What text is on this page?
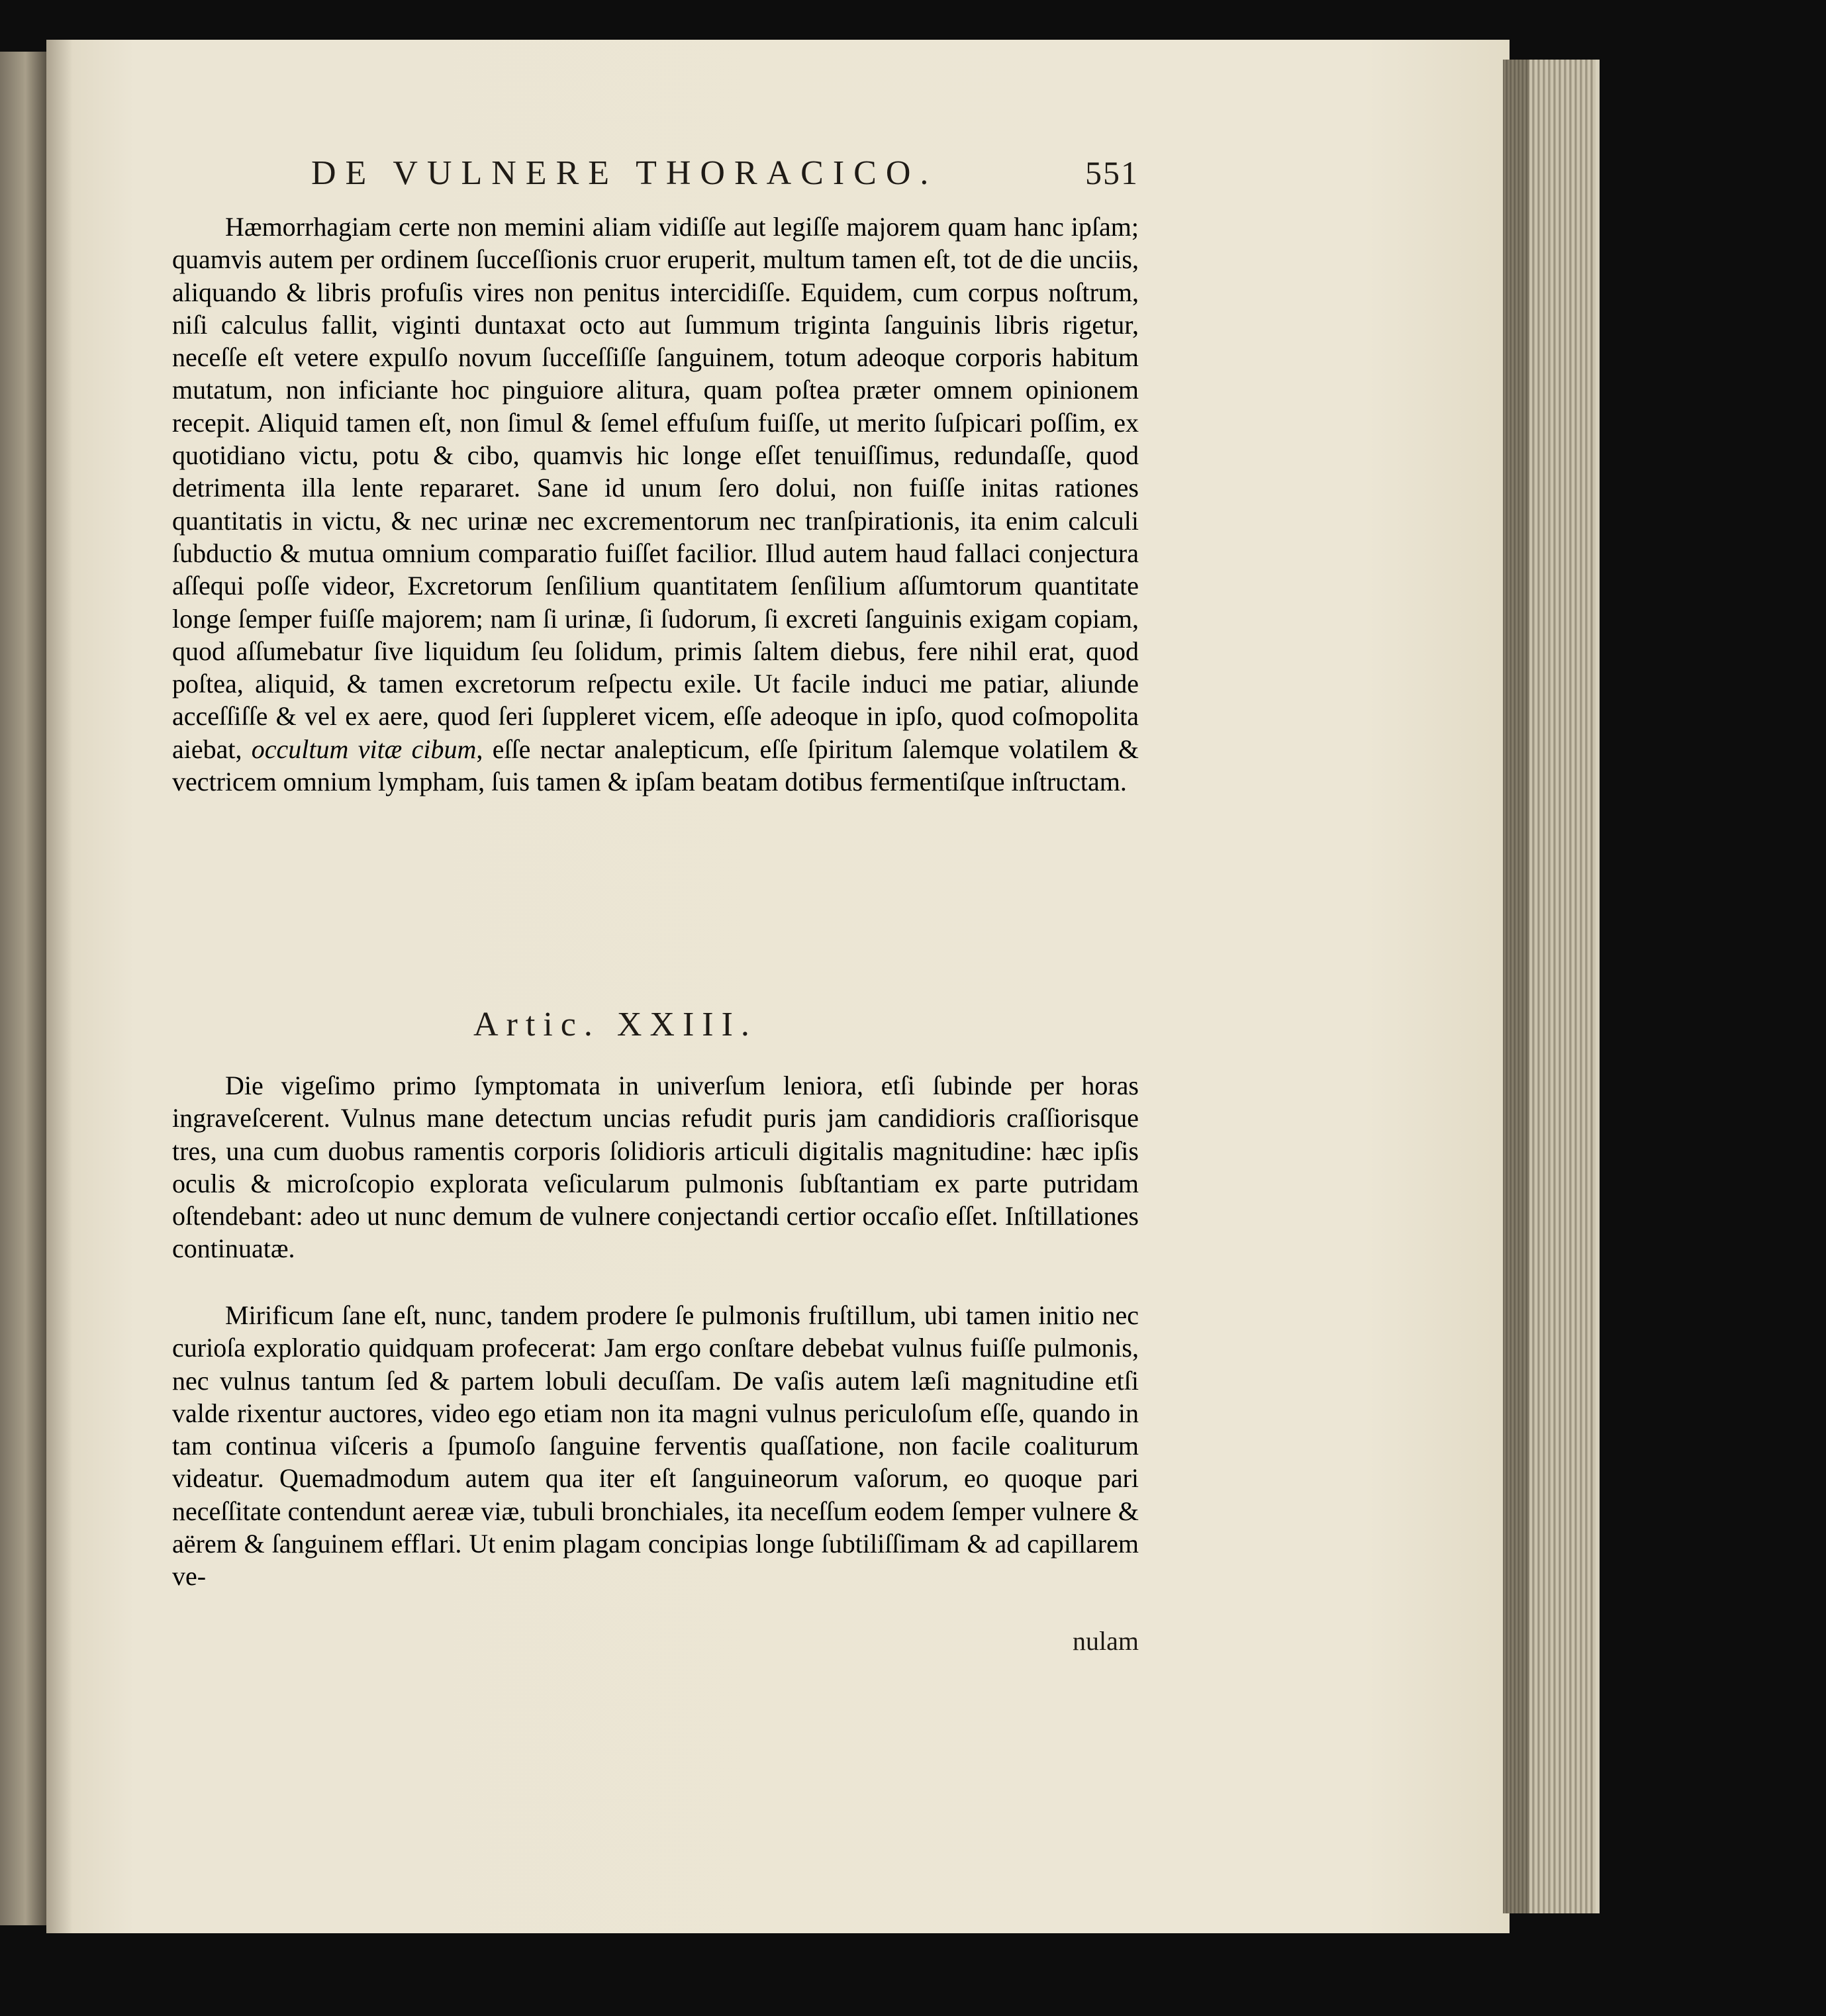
DE VULNERE THORACICO.	551

Hæmorrhagiam certe non memini aliam vidiſſe aut legiſſe majorem quam hanc ipſam; quamvis autem per ordinem ſucceſſionis cruor eruperit, multum tamen eſt, tot de die unciis, aliquando & libris profuſis vires non penitus intercidiſſe. Equidem, cum corpus noſtrum, niſi calculus fallit, viginti duntaxat octo aut ſummum triginta ſanguinis libris rigetur, neceſſe eſt vetere expulſo novum ſucceſſiſſe ſanguinem, totum adeoque corporis habitum mutatum, non inficiante hoc pinguiore alitura, quam poſtea præter omnem opinionem recepit. Aliquid tamen eſt, non ſimul & ſemel effuſum fuiſſe, ut merito ſuſpicari poſſim, ex quotidiano victu, potu & cibo, quamvis hic longe eſſet tenuiſſimus, redundaſſe, quod detrimenta illa lente repararet. Sane id unum ſero dolui, non fuiſſe initas rationes quantitatis in victu, & nec urinæ nec excrementorum nec tranſpirationis, ita enim calculi ſubductio & mutua omnium comparatio fuiſſet facilior. Illud autem haud fallaci conjectura aſſequi poſſe videor, Excretorum ſenſilium quantitatem ſenſilium aſſumtorum quantitate longe ſemper fuiſſe majorem; nam ſi urinæ, ſi ſudorum, ſi excreti ſanguinis exigam copiam, quod aſſumebatur ſive liquidum ſeu ſolidum, primis ſaltem diebus, fere nihil erat, quod poſtea, aliquid, & tamen excretorum reſpectu exile. Ut facile induci me patiar, aliunde acceſſiſſe & vel ex aere, quod ſeri ſuppleret vicem, eſſe adeoque in ipſo, quod coſmopolita aiebat, occultum vitæ cibum, eſſe nectar analepticum, eſſe ſpiritum ſalemque volatilem & vectricem omnium lympham, ſuis tamen & ipſam beatam dotibus fermentiſque inſtructam.

Artic. XXIII.

Die vigeſimo primo ſymptomata in univerſum leniora, etſi ſubinde per horas ingraveſcerent. Vulnus mane detectum uncias refudit puris jam candidioris craſſiorisque tres, una cum duobus ramentis corporis ſolidioris articuli digitalis magnitudine: hæc ipſis oculis & microſcopio explorata veſicularum pulmonis ſubſtantiam ex parte putridam oſtendebant: adeo ut nunc demum de vulnere conjectandi certior occaſio eſſet. Inſtillationes continuatæ.

Mirificum ſane eſt, nunc, tandem prodere ſe pulmonis fruſtillum, ubi tamen initio nec curioſa exploratio quidquam profecerat: Jam ergo conſtare debebat vulnus fuiſſe pulmonis, nec vulnus tantum ſed & partem lobuli decuſſam. De vaſis autem læſi magnitudine etſi valde rixentur auctores, video ego etiam non ita magni vulnus periculoſum eſſe, quando in tam continua viſceris a ſpumoſo ſanguine ferventis quaſſatione, non facile coaliturum videatur. Quemadmodum autem qua iter eſt ſanguineorum vaſorum, eo quoque pari neceſſitate contendunt aereæ viæ, tubuli bronchiales, ita neceſſum eodem ſemper vulnere & aërem & ſanguinem efflari. Ut enim plagam concipias longe ſubtiliſſimam & ad capillarem ve-

nulam
